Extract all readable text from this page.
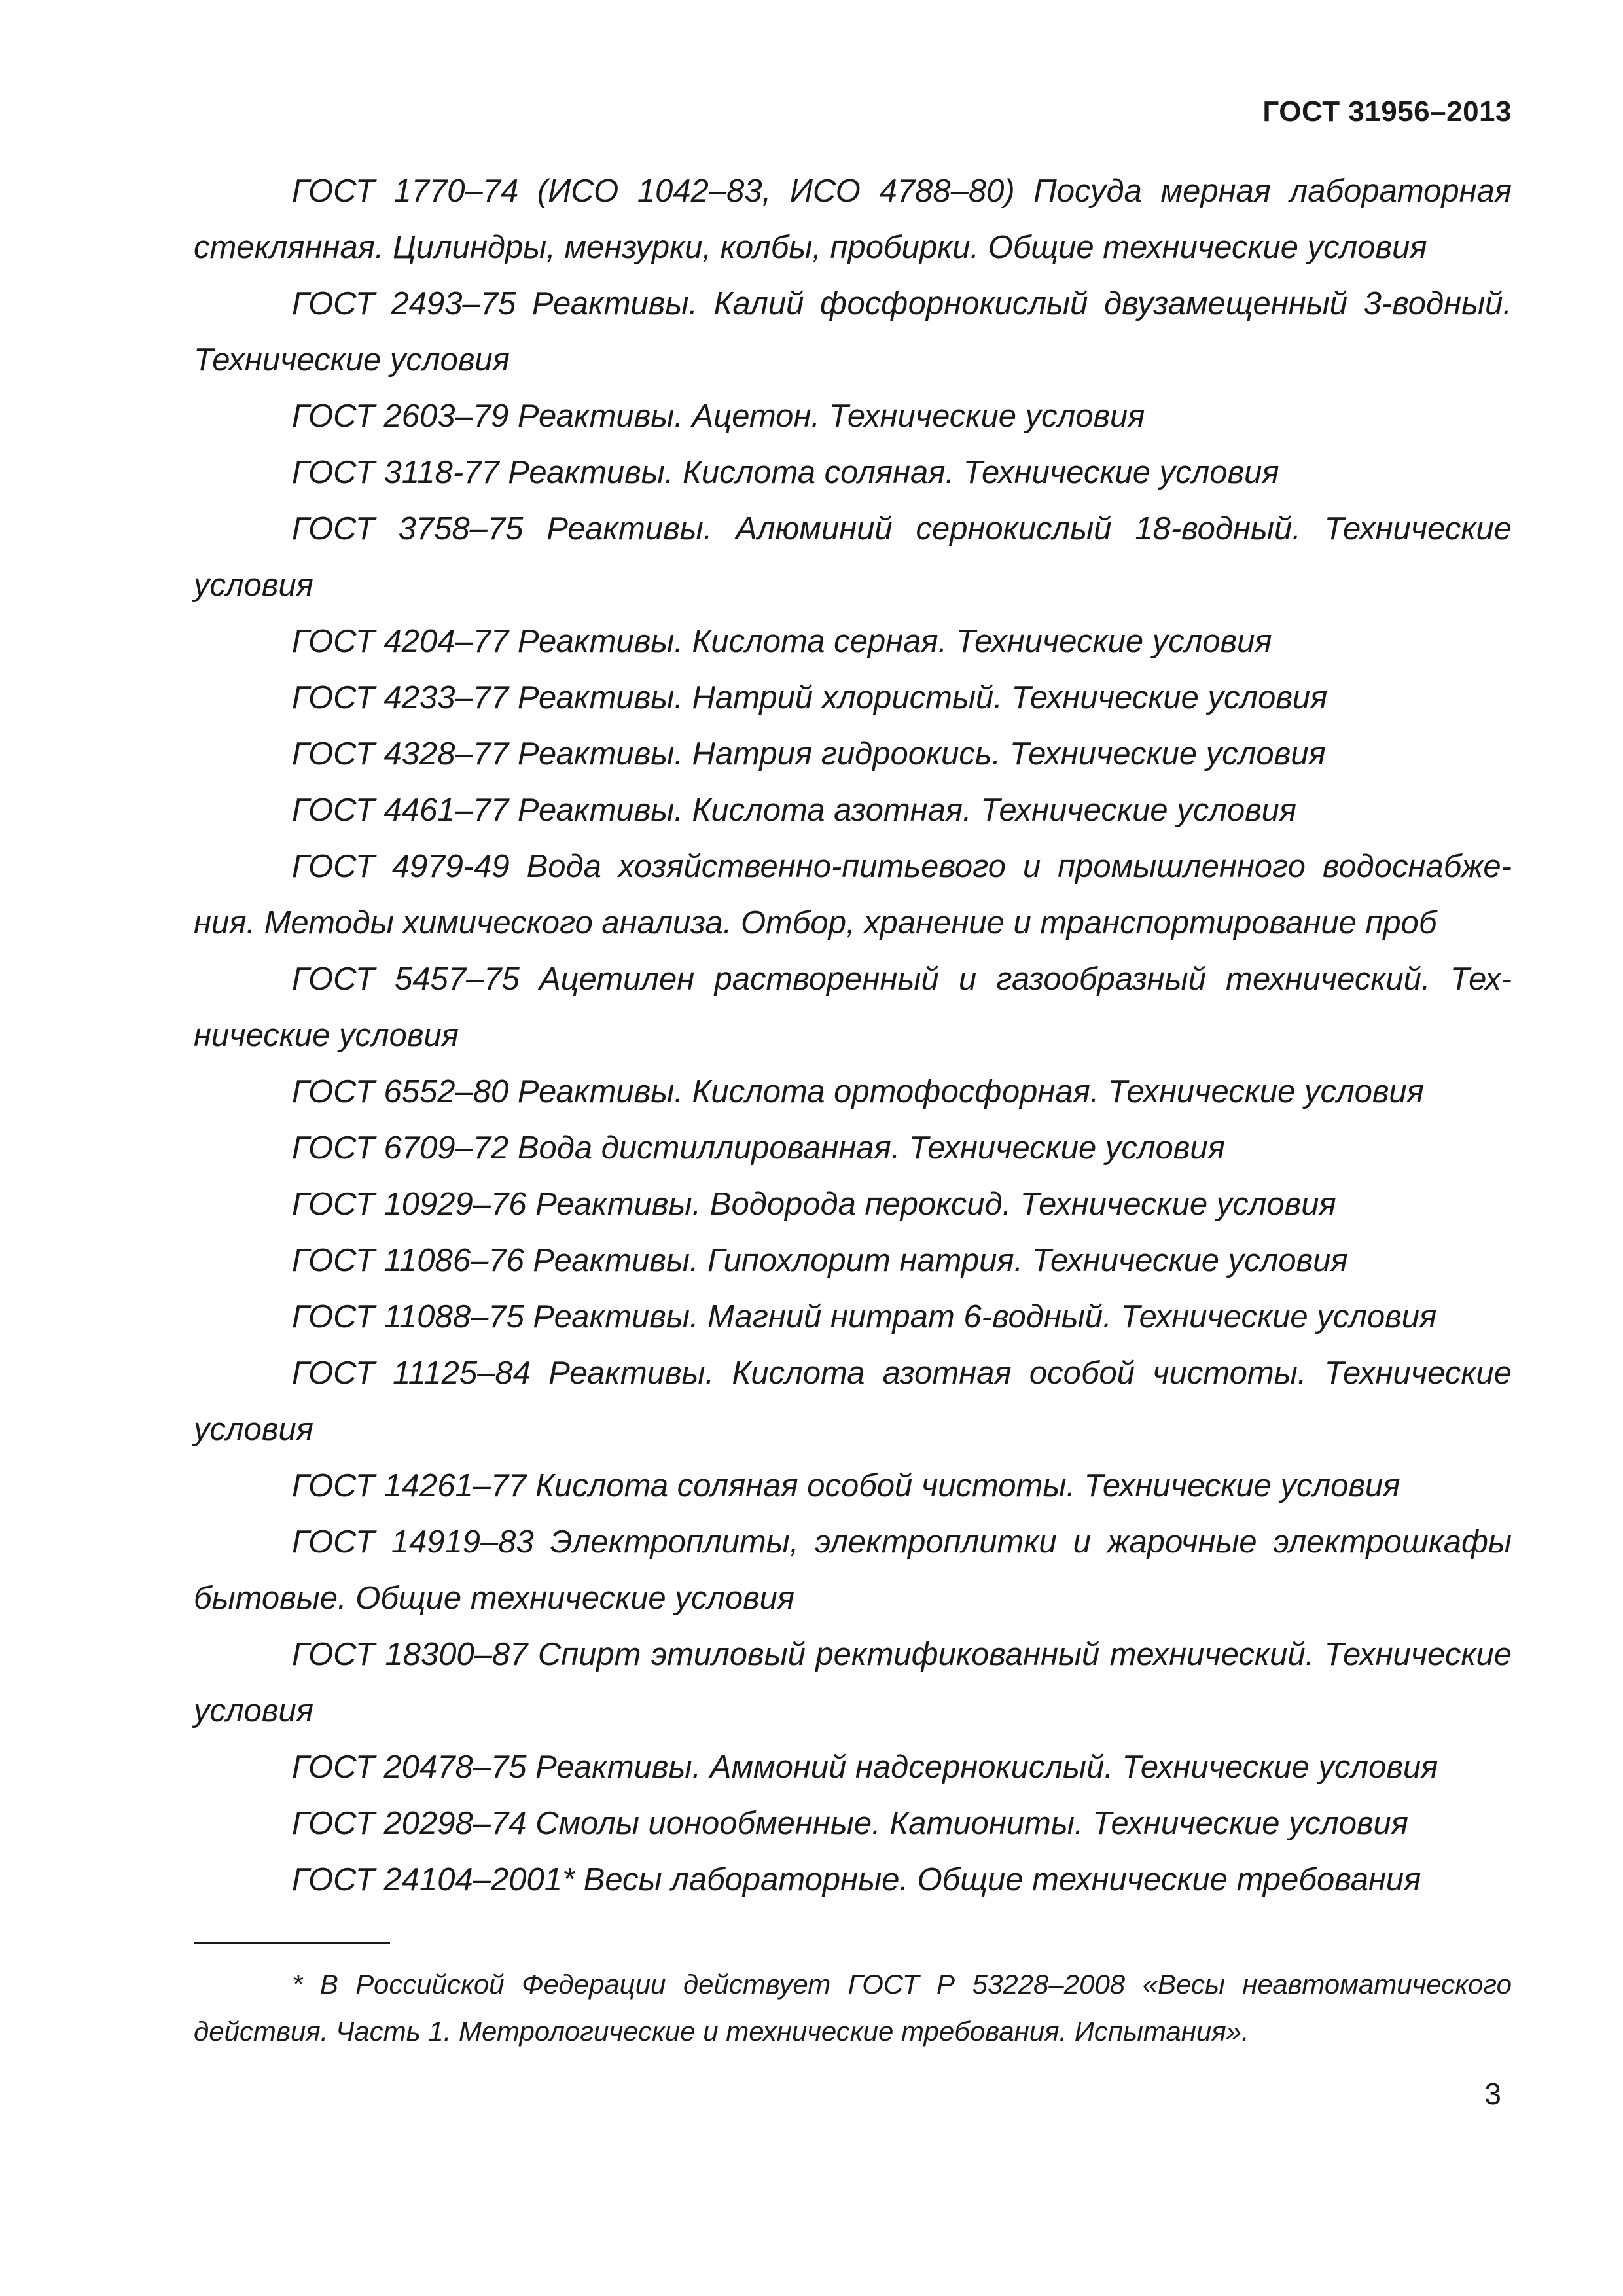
ГОСТ 31956–2013
ГОСТ 1770–74 (ИСО 1042–83, ИСО 4788–80) Посуда мерная лабораторная стеклянная. Цилиндры, мензурки, колбы, пробирки. Общие технические условия
ГОСТ 2493–75 Реактивы. Калий фосфорнокислый двузамещенный 3-водный. Технические условия
ГОСТ 2603–79 Реактивы. Ацетон. Технические условия
ГОСТ 3118-77 Реактивы. Кислота соляная. Технические условия
ГОСТ 3758–75 Реактивы. Алюминий сернокислый 18-водный. Технические условия
ГОСТ 4204–77 Реактивы. Кислота серная. Технические условия
ГОСТ 4233–77 Реактивы. Натрий хлористый. Технические условия
ГОСТ 4328–77 Реактивы. Натрия гидроокись. Технические условия
ГОСТ 4461–77 Реактивы. Кислота азотная. Технические условия
ГОСТ 4979-49 Вода хозяйственно-питьевого и промышленного водоснабжения. Методы химического анализа. Отбор, хранение и транспортирование проб
ГОСТ 5457–75 Ацетилен растворенный и газообразный технический. Технические условия
ГОСТ 6552–80 Реактивы. Кислота ортофосфорная. Технические условия
ГОСТ 6709–72 Вода дистиллированная. Технические условия
ГОСТ 10929–76 Реактивы. Водорода пероксид. Технические условия
ГОСТ 11086–76 Реактивы. Гипохлорит натрия. Технические условия
ГОСТ 11088–75 Реактивы. Магний нитрат 6-водный. Технические условия
ГОСТ 11125–84 Реактивы. Кислота азотная особой чистоты. Технические условия
ГОСТ 14261–77 Кислота соляная особой чистоты. Технические условия
ГОСТ 14919–83 Электроплиты, электроплитки и жарочные электрошкафы бытовые. Общие технические условия
ГОСТ 18300–87 Спирт этиловый ректификованный технический. Технические условия
ГОСТ 20478–75 Реактивы. Аммоний надсернокислый. Технические условия
ГОСТ 20298–74 Смолы ионообменные. Катиониты. Технические условия
ГОСТ 24104–2001* Весы лабораторные. Общие технические требования

* В Российской Федерации действует ГОСТ Р 53228–2008 «Весы неавтоматического действия. Часть 1. Метрологические и технические требования. Испытания».

3
